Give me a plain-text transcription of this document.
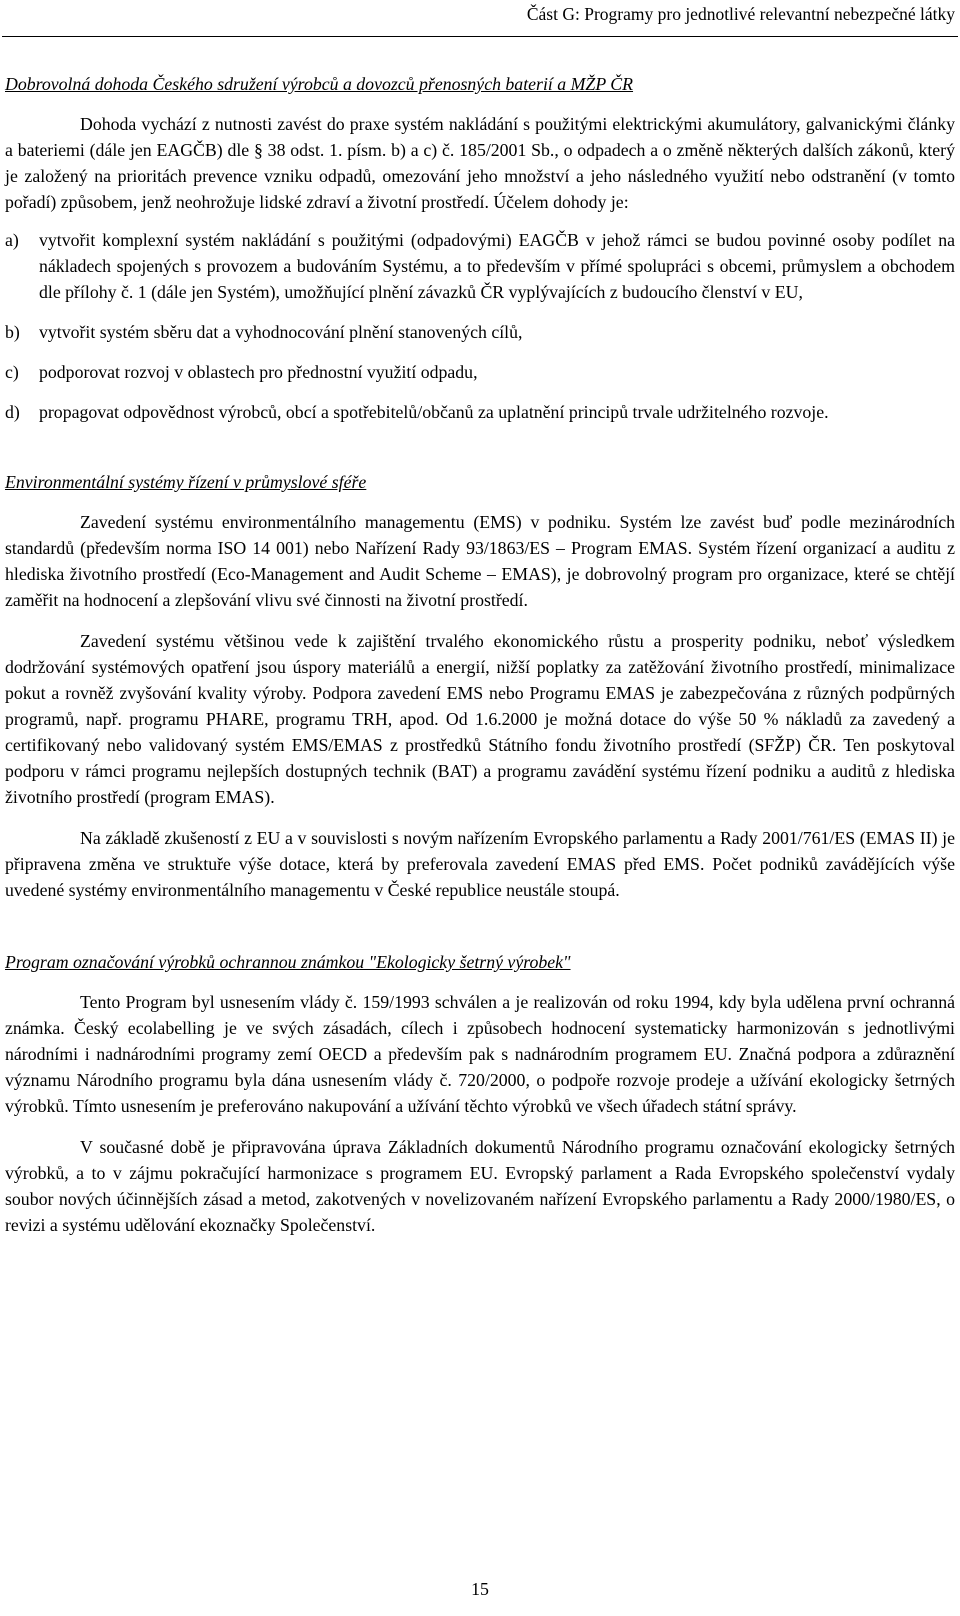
Část G: Programy pro jednotlivé relevantní nebezpečné látky
Dobrovolná dohoda Českého sdružení výrobců a dovozců přenosných baterií a MŽP ČR

Dohoda vychází z nutnosti zavést do praxe systém nakládání s použitými elektrickými akumulátory, galvanickými články a bateriemi (dále jen EAGČB) dle § 38 odst. 1. písm. b) a c) č. 185/2001 Sb., o odpadech a o změně některých dalších zákonů, který je založený na prioritách prevence vzniku odpadů, omezování jeho množství a jeho následného využití nebo odstranění (v tomto pořadí) způsobem, jenž neohrožuje lidské zdraví a životní prostředí. Účelem dohody je:

a)	vytvořit komplexní systém nakládání s použitými (odpadovými) EAGČB v jehož rámci se budou povinné osoby podílet na nákladech spojených s provozem a budováním Systému, a to především v přímé spolupráci s obcemi, průmyslem a obchodem dle přílohy č. 1 (dále jen Systém), umožňující plnění závazků ČR vyplývajících z budoucího členství v EU,

b)	vytvořit systém sběru dat a vyhodnocování plnění stanovených cílů,

c)	podporovat rozvoj v oblastech pro přednostní využití odpadu,

d)	propagovat odpovědnost výrobců, obcí a spotřebitelů/občanů za uplatnění principů trvale udržitelného rozvoje.

Environmentální systémy řízení v průmyslové sféře

Zavedení systému environmentálního managementu (EMS) v podniku. Systém lze zavést buď podle mezinárodních standardů (především norma ISO 14 001) nebo Nařízení Rady 93/1863/ES – Program EMAS. Systém řízení organizací a auditu z hlediska životního prostředí (Eco-Management and Audit Scheme – EMAS), je dobrovolný program pro organizace, které se chtějí zaměřit na hodnocení a zlepšování vlivu své činnosti na životní prostředí.

Zavedení systému většinou vede k zajištění trvalého ekonomického růstu a prosperity podniku, neboť výsledkem dodržování systémových opatření jsou úspory materiálů a energií, nižší poplatky za zatěžování životního prostředí, minimalizace pokut a rovněž zvyšování kvality výroby. Podpora zavedení EMS nebo Programu EMAS je zabezpečována z různých podpůrných programů, např. programu PHARE, programu TRH, apod. Od 1.6.2000 je možná dotace do výše 50 % nákladů za zavedený a certifikovaný nebo validovaný systém EMS/EMAS z prostředků Státního fondu životního prostředí (SFŽP) ČR. Ten poskytoval podporu v rámci programu nejlepších dostupných technik (BAT) a programu zavádění systému řízení podniku a auditů z hlediska životního prostředí (program EMAS).

Na základě zkušeností z EU a v souvislosti s novým nařízením Evropského parlamentu a Rady 2001/761/ES (EMAS II) je připravena změna ve struktuře výše dotace, která by preferovala zavedení EMAS před EMS. Počet podniků zavádějících výše uvedené systémy environmentálního managementu v České republice neustále stoupá.

Program označování výrobků ochrannou známkou "Ekologicky šetrný výrobek"

Tento Program byl usnesením vlády č. 159/1993 schválen a je realizován od roku 1994, kdy byla udělena první ochranná známka. Český ecolabelling je ve svých zásadách, cílech i způsobech hodnocení systematicky harmonizován s jednotlivými národními i nadnárodními programy zemí OECD a především pak s nadnárodním programem EU. Značná podpora a zdůraznění významu Národního programu byla dána usnesením vlády č. 720/2000, o podpoře rozvoje prodeje a užívání ekologicky šetrných výrobků. Tímto usnesením je preferováno nakupování a užívání těchto výrobků ve všech úřadech státní správy.

V současné době je připravována úprava Základních dokumentů Národního programu označování ekologicky šetrných výrobků, a to v zájmu pokračující harmonizace s programem EU. Evropský parlament a Rada Evropského společenství vydaly soubor nových účinnějších zásad a metod, zakotvených v novelizovaném nařízení Evropského parlamentu a Rady 2000/1980/ES, o revizi a systému udělování ekoznačky Společenství.

15
